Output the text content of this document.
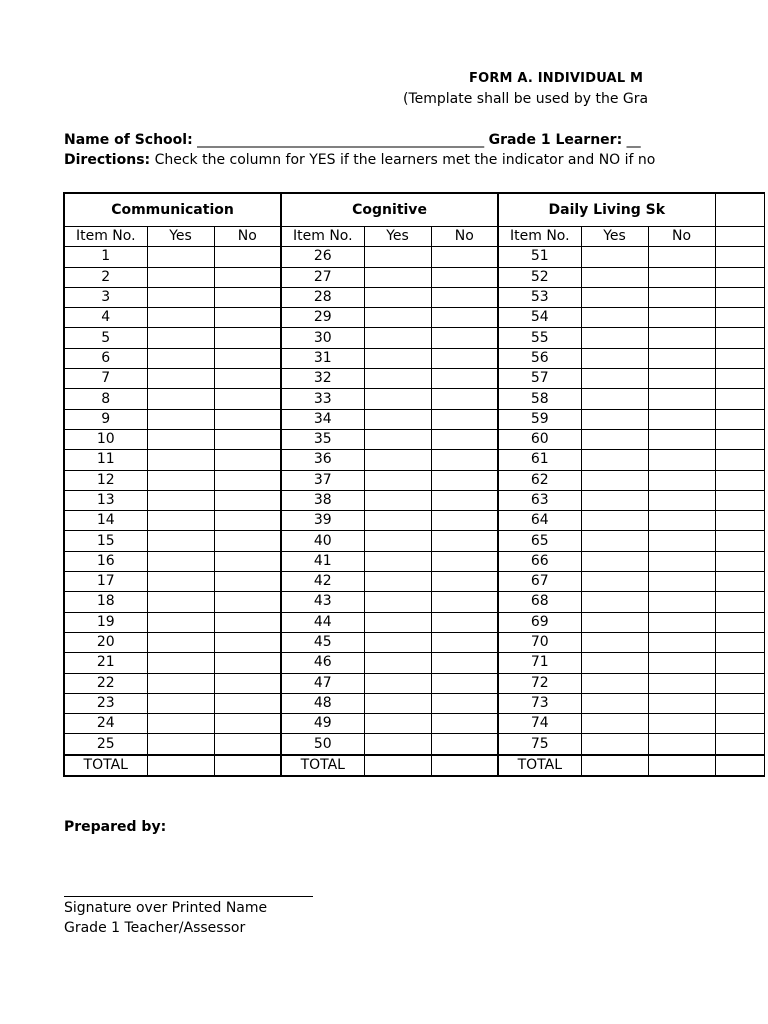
FORM A. INDIVIDUAL M
(Template shall be used by the Gra
Name of School: _________________________________________ Grade 1 Learner: __
Directions: Check the column for YES if the learners met the indicator and NO if no
Communication			Cognitive			Daily Living Sk			
Item No.	Yes	No	Item No.	Yes	No	Item No.	Yes	No	
1			26			51			
2			27			52			
3			28			53			
4			29			54			
5			30			55			
6			31			56			
7			32			57			
8			33			58			
9			34			59			
10			35			60			
11			36			61			
12			37			62			
13			38			63			
14			39			64			
15			40			65			
16			41			66			
17			42			67			
18			43			68			
19			44			69			
20			45			70			
21			46			71			
22			47			72			
23			48			73			
24			49			74			
25			50			75			
TOTAL			TOTAL			TOTAL			
Prepared by:
Signature over Printed Name
Grade 1 Teacher/Assessor
